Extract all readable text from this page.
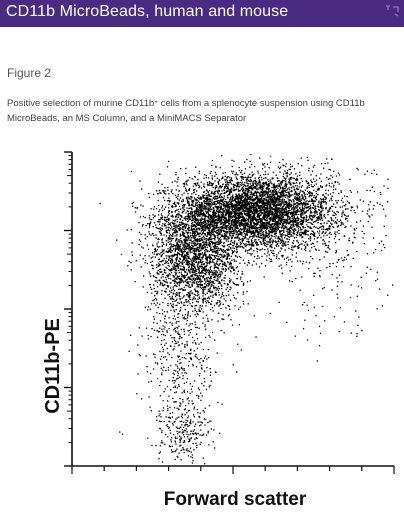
CD11b MicroBeads, human and mouse
Figure 2
Positive selection of murine CD11b+ cells from a splenocyte suspension using CD11b MicroBeads, an MS Column, and a MiniMACS Separator
CD11b-PE
Forward scatter
